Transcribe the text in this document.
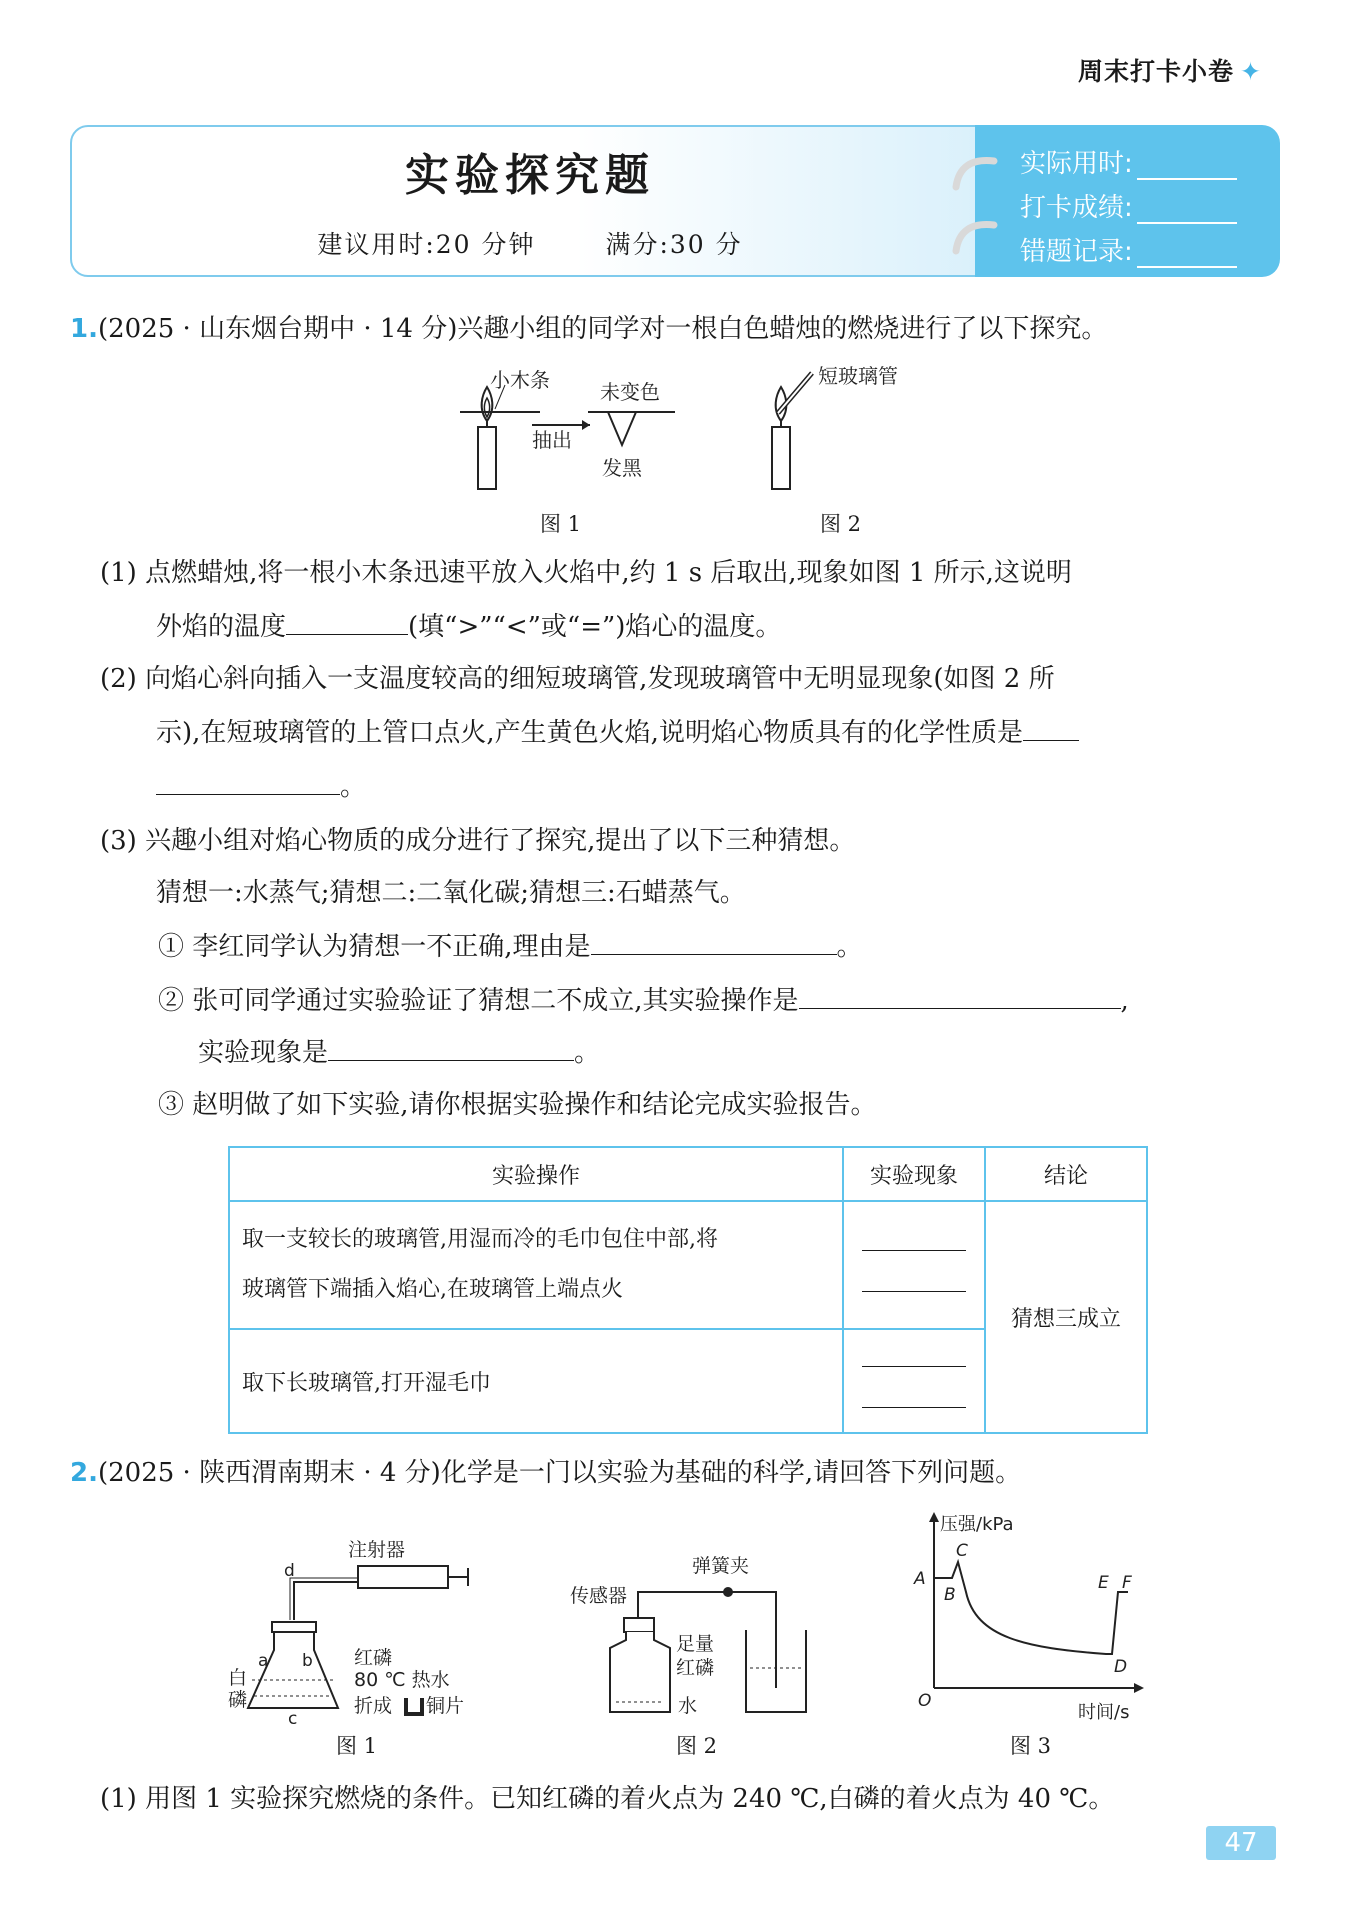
周末打卡小卷 ✦
实验探究题
建议用时:20 分钟	满分:30 分
实际用时:
打卡成绩:
错题记录:
1.(2025 · 山东烟台期中 · 14 分)兴趣小组的同学对一根白色蜡烛的燃烧进行了以下探究。
小木条
抽出
未变色
发黑
短玻璃管
图 1	图 2
(1) 点燃蜡烛,将一根小木条迅速平放入火焰中,约 1 s 后取出,现象如图 1 所示,这说明
外焰的温度	(填“>”“<”或“=”)焰心的温度。
(2) 向焰心斜向插入一支温度较高的细短玻璃管,发现玻璃管中无明显现象(如图 2 所
示),在短玻璃管的上管口点火,产生黄色火焰,说明焰心物质具有的化学性质是
。
(3) 兴趣小组对焰心物质的成分进行了探究,提出了以下三种猜想。
猜想一:水蒸气;猜想二:二氧化碳;猜想三:石蜡蒸气。
① 李红同学认为猜想一不正确,理由是	。
② 张可同学通过实验验证了猜想二不成立,其实验操作是	,
实验现象是	。
③ 赵明做了如下实验,请你根据实验操作和结论完成实验报告。
实验操作	实验现象	结论

取一支较长的玻璃管,用湿而冷的毛巾包住中部,将
玻璃管下端插入焰心,在玻璃管上端点火		猜想三成立
取下长玻璃管,打开湿毛巾		
2.(2025 · 陕西渭南期末 · 4 分)化学是一门以实验为基础的科学,请回答下列问题。
注射器
d
a b
c
白
磷
红磷
80 ℃ 热水
折成 铜片
图 1
传感器
弹簧夹
足量
红磷
水
图 2
压强/kPa
时间/s
A
B
C
D
E F
O
图 3
(1) 用图 1 实验探究燃烧的条件。已知红磷的着火点为 240 ℃,白磷的着火点为 40 ℃。
47
